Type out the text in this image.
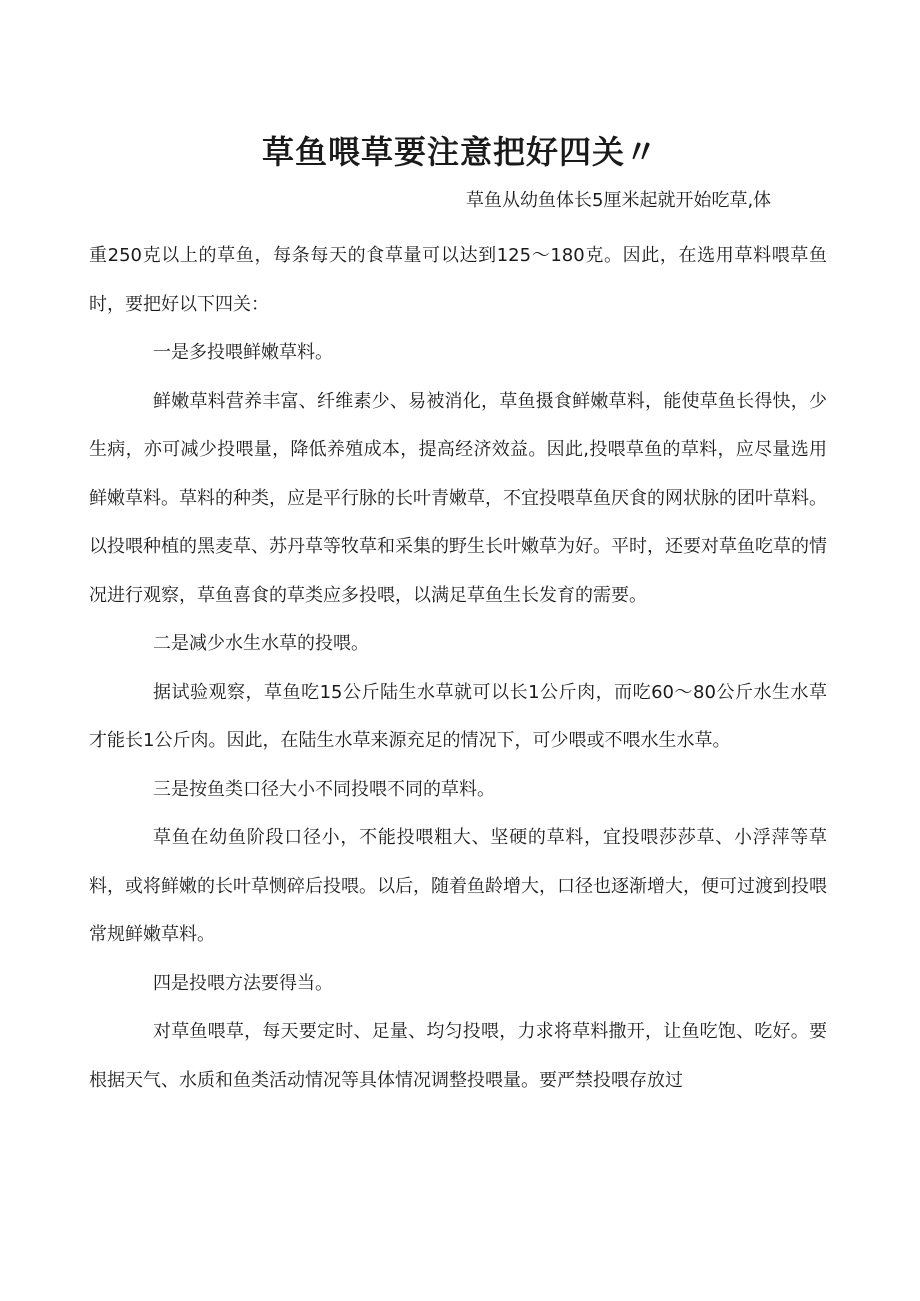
草鱼喂草要注意把好四关〃
草鱼从幼鱼体长5厘米起就开始吃草,体

重250克以上的草鱼，每条每天的食草量可以达到125～180克。因此，在选用草料喂草鱼时，要把好以下四关：

一是多投喂鲜嫩草料。

鲜嫩草料营养丰富、纤维素少、易被消化，草鱼摄食鲜嫩草料，能使草鱼长得快，少生病，亦可减少投喂量，降低养殖成本，提高经济效益。因此,投喂草鱼的草料，应尽量选用鲜嫩草料。草料的种类，应是平行脉的长叶青嫩草，不宜投喂草鱼厌食的网状脉的团叶草料。以投喂种植的黑麦草、苏丹草等牧草和采集的野生长叶嫩草为好。平时，还要对草鱼吃草的情况进行观察，草鱼喜食的草类应多投喂，以满足草鱼生长发育的需要。

二是减少水生水草的投喂。

据试验观察，草鱼吃15公斤陆生水草就可以长1公斤肉，而吃60～80公斤水生水草才能长1公斤肉。因此，在陆生水草来源充足的情况下，可少喂或不喂水生水草。

三是按鱼类口径大小不同投喂不同的草料。

草鱼在幼鱼阶段口径小，不能投喂粗大、坚硬的草料，宜投喂莎莎草、小浮萍等草料，或将鲜嫩的长叶草恻碎后投喂。以后，随着鱼龄增大，口径也逐渐增大，便可过渡到投喂常规鲜嫩草料。

四是投喂方法要得当。

对草鱼喂草，每天要定时、足量、均匀投喂，力求将草料撒开，让鱼吃饱、吃好。要根据天气、水质和鱼类活动情况等具体情况调整投喂量。要严禁投喂存放过
